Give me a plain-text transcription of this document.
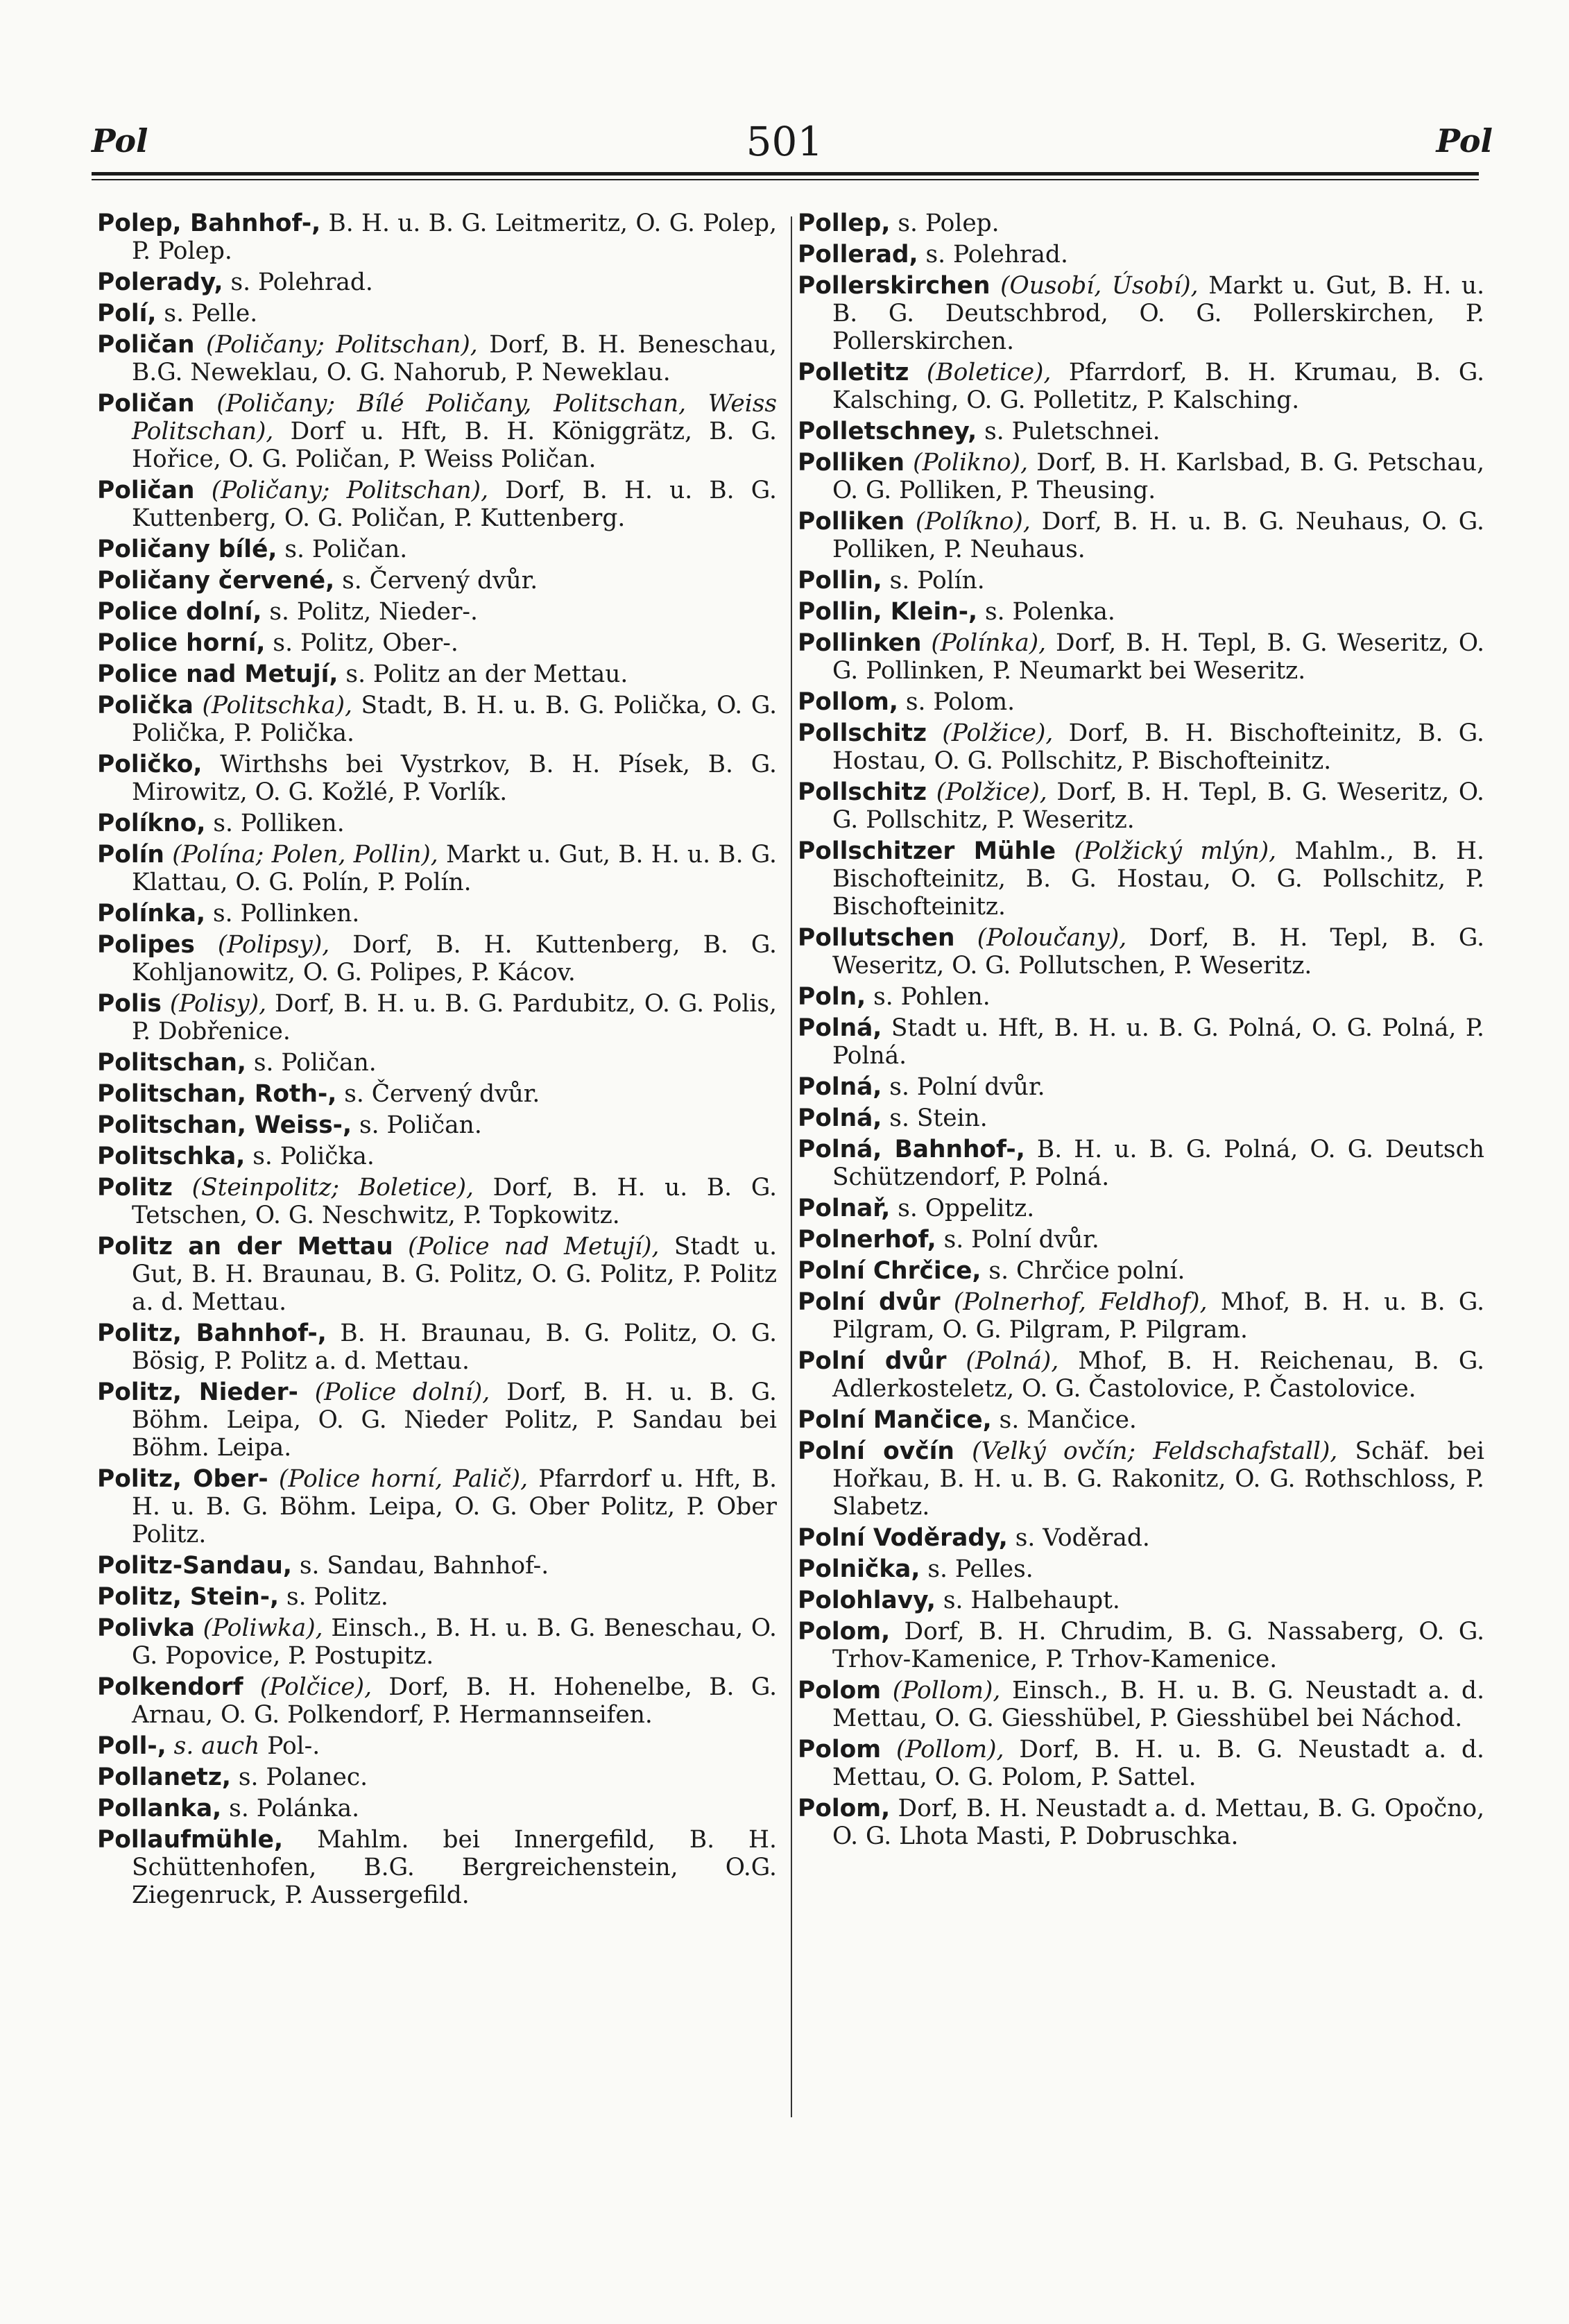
Pol	501	Pol
Polep, Bahnhof-, B. H. u. B. G. Leitmeritz, O. G. Polep, P. Polep.
Polerady, s. Polehrad.
Polí, s. Pelle.
Poličan (Poličany; Politschan), Dorf, B. H. Beneschau, B.G. Neweklau, O. G. Nahorub, P. Neweklau.
Poličan (Poličany; Bílé Poličany, Politschan, Weiss Politschan), Dorf u. Hft, B. H. Königgrätz, B. G. Hořice, O. G. Poličan, P. Weiss Poličan.
Poličan (Poličany; Politschan), Dorf, B. H. u. B. G. Kuttenberg, O. G. Poličan, P. Kuttenberg.
Poličany bílé, s. Poličan.
Poličany červené, s. Červený dvůr.
Police dolní, s. Politz, Nieder-.
Police horní, s. Politz, Ober-.
Police nad Metují, s. Politz an der Mettau.
Polička (Politschka), Stadt, B. H. u. B. G. Polička, O. G. Polička, P. Polička.
Poličko, Wirthshs bei Vystrkov, B. H. Písek, B. G. Mirowitz, O. G. Kožlé, P. Vorlík.
Políkno, s. Polliken.
Polín (Polína; Polen, Pollin), Markt u. Gut, B. H. u. B. G. Klattau, O. G. Polín, P. Polín.
Polínka, s. Pollinken.
Polipes (Polipsy), Dorf, B. H. Kuttenberg, B. G. Kohljanowitz, O. G. Polipes, P. Kácov.
Polis (Polisy), Dorf, B. H. u. B. G. Pardubitz, O. G. Polis, P. Dobřenice.
Politschan, s. Poličan.
Politschan, Roth-, s. Červený dvůr.
Politschan, Weiss-, s. Poličan.
Politschka, s. Polička.
Politz (Steinpolitz; Boletice), Dorf, B. H. u. B. G. Tetschen, O. G. Neschwitz, P. Topkowitz.
Politz an der Mettau (Police nad Metují), Stadt u. Gut, B. H. Braunau, B. G. Politz, O. G. Politz, P. Politz a. d. Mettau.
Politz, Bahnhof-, B. H. Braunau, B. G. Politz, O. G. Bösig, P. Politz a. d. Mettau.
Politz, Nieder- (Police dolní), Dorf, B. H. u. B. G. Böhm. Leipa, O. G. Nieder Politz, P. Sandau bei Böhm. Leipa.
Politz, Ober- (Police horní, Palič), Pfarrdorf u. Hft, B. H. u. B. G. Böhm. Leipa, O. G. Ober Politz, P. Ober Politz.
Politz-Sandau, s. Sandau, Bahnhof-.
Politz, Stein-, s. Politz.
Polivka (Poliwka), Einsch., B. H. u. B. G. Beneschau, O. G. Popovice, P. Postupitz.
Polkendorf (Polčice), Dorf, B. H. Hohenelbe, B. G. Arnau, O. G. Polkendorf, P. Hermannseifen.
Poll-, s. auch Pol-.
Pollanetz, s. Polanec.
Pollanka, s. Polánka.
Pollaufmühle, Mahlm. bei Innergefild, B. H. Schüttenhofen, B.G. Bergreichenstein, O.G. Ziegenruck, P. Aussergefild.
Pollep, s. Polep.
Pollerad, s. Polehrad.
Pollerskirchen (Ousobí, Úsobí), Markt u. Gut, B. H. u. B. G. Deutschbrod, O. G. Pollerskirchen, P. Pollerskirchen.
Polletitz (Boletice), Pfarrdorf, B. H. Krumau, B. G. Kalsching, O. G. Polletitz, P. Kalsching.
Polletschney, s. Puletschnei.
Polliken (Polikno), Dorf, B. H. Karlsbad, B. G. Petschau, O. G. Polliken, P. Theusing.
Polliken (Políkno), Dorf, B. H. u. B. G. Neuhaus, O. G. Polliken, P. Neuhaus.
Pollin, s. Polín.
Pollin, Klein-, s. Polenka.
Pollinken (Polínka), Dorf, B. H. Tepl, B. G. Weseritz, O. G. Pollinken, P. Neumarkt bei Weseritz.
Pollom, s. Polom.
Pollschitz (Polžice), Dorf, B. H. Bischofteinitz, B. G. Hostau, O. G. Pollschitz, P. Bischofteinitz.
Pollschitz (Polžice), Dorf, B. H. Tepl, B. G. Weseritz, O. G. Pollschitz, P. Weseritz.
Pollschitzer Mühle (Polžický mlýn), Mahlm., B. H. Bischofteinitz, B. G. Hostau, O. G. Pollschitz, P. Bischofteinitz.
Pollutschen (Poloučany), Dorf, B. H. Tepl, B. G. Weseritz, O. G. Pollutschen, P. Weseritz.
Poln, s. Pohlen.
Polná, Stadt u. Hft, B. H. u. B. G. Polná, O. G. Polná, P. Polná.
Polná, s. Polní dvůr.
Polná, s. Stein.
Polná, Bahnhof-, B. H. u. B. G. Polná, O. G. Deutsch Schützendorf, P. Polná.
Polnař, s. Oppelitz.
Polnerhof, s. Polní dvůr.
Polní Chrčice, s. Chrčice polní.
Polní dvůr (Polnerhof, Feldhof), Mhof, B. H. u. B. G. Pilgram, O. G. Pilgram, P. Pilgram.
Polní dvůr (Polná), Mhof, B. H. Reichenau, B. G. Adlerkosteletz, O. G. Častolovice, P. Častolovice.
Polní Mančice, s. Mančice.
Polní ovčín (Velký ovčín; Feldschafstall), Schäf. bei Hořkau, B. H. u. B. G. Rakonitz, O. G. Rothschloss, P. Slabetz.
Polní Voděrady, s. Voděrad.
Polnička, s. Pelles.
Polohlavy, s. Halbehaupt.
Polom, Dorf, B. H. Chrudim, B. G. Nassaberg, O. G. Trhov-Kamenice, P. Trhov-Kamenice.
Polom (Pollom), Einsch., B. H. u. B. G. Neustadt a. d. Mettau, O. G. Giesshübel, P. Giesshübel bei Náchod.
Polom (Pollom), Dorf, B. H. u. B. G. Neustadt a. d. Mettau, O. G. Polom, P. Sattel.
Polom, Dorf, B. H. Neustadt a. d. Mettau, B. G. Opočno, O. G. Lhota Masti, P. Dobruschka.
